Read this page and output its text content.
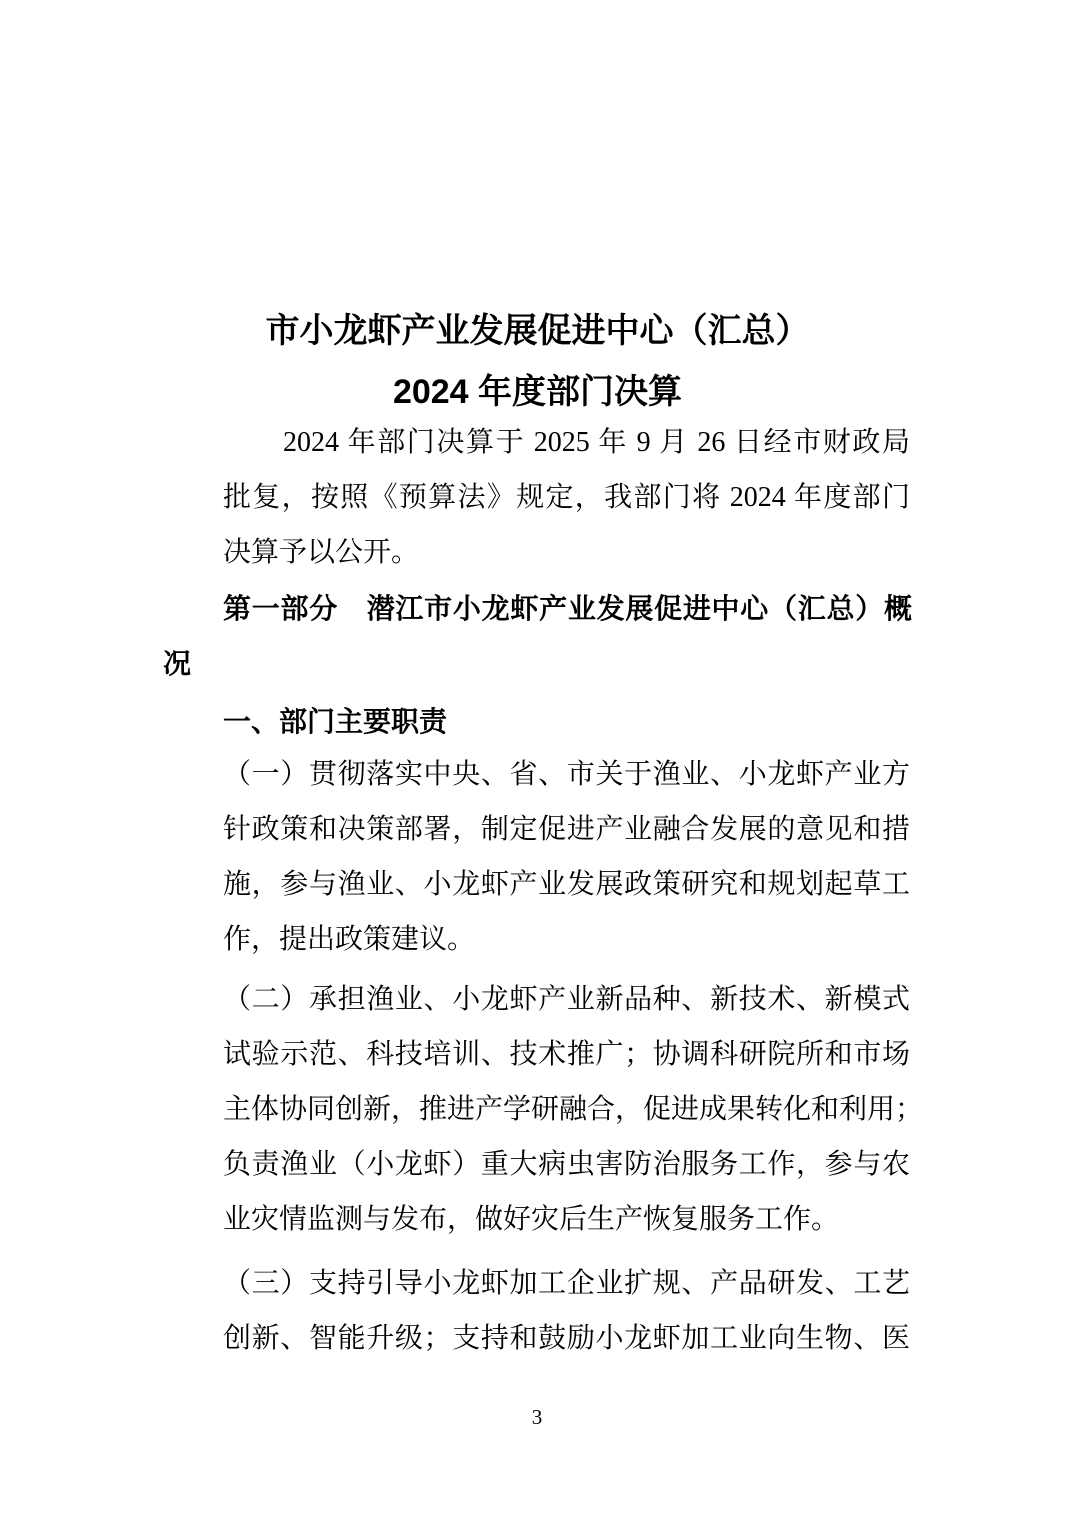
市小龙虾产业发展促进中心（汇总）
2024 年度部门决算
2024 年部门决算于 2025 年 9 月 26 日经市财政局
批复，按照《预算法》规定，我部门将 2024 年度部门
决算予以公开。
第一部分　潜江市小龙虾产业发展促进中心（汇总）概
况
一、部门主要职责
（一）贯彻落实中央、省、市关于渔业、小龙虾产业方
针政策和决策部署，制定促进产业融合发展的意见和措
施，参与渔业、小龙虾产业发展政策研究和规划起草工
作，提出政策建议。
（二）承担渔业、小龙虾产业新品种、新技术、新模式
试验示范、科技培训、技术推广；协调科研院所和市场
主体协同创新，推进产学研融合，促进成果转化和利用；
负责渔业（小龙虾）重大病虫害防治服务工作，参与农
业灾情监测与发布，做好灾后生产恢复服务工作。
（三）支持引导小龙虾加工企业扩规、产品研发、工艺
创新、智能升级；支持和鼓励小龙虾加工业向生物、医
3
